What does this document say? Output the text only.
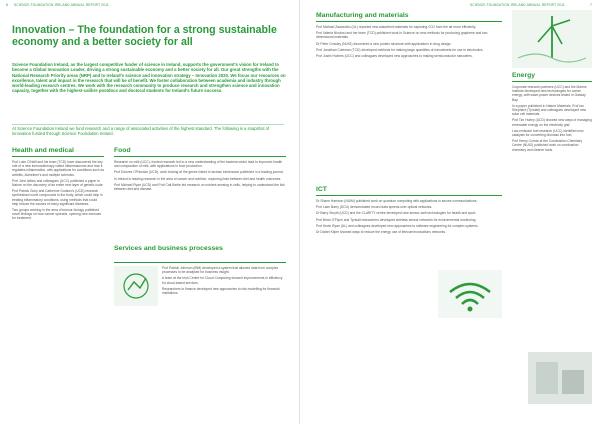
6 SCIENCE FOUNDATION IRELAND ANNUAL REPORT 2011
Innovation – The foundation for a strong sustainable economy and a better society for all
Science Foundation Ireland, as the largest competitive funder of science in Ireland, supports the government's vision for Ireland to become a Global Innovation Leader, driving a strong sustainable economy and a better society for all. Our great strengths with the National Research Priority areas (NRP) and to Ireland's science and innovation strategy – Innovation 2020. We focus our resources on excellence, talent and impact in the research that will be of benefit. We foster collaboration between academia and industry through world-leading research centres. We work with the research community to produce research and strengthen science and innovation capacity, together with the highest-calibre postdocs and doctoral students for Ireland's future success.
At Science Foundation Ireland we fund research and a range of associated activities of the highest standard. The following is a snapshot of innovation funded through Science Foundation Ireland.
Health and medical

Prof Luke O'Neill and his team (TCD) have discovered the key role of a new immunotherapy called inflammasome and how it regulates inflammation, with applications for conditions such as arthritis, Alzheimer's and multiple sclerosis.

Prof John Atkins and colleagues (UCC) published a paper in Nature on the discovery of an entire new layer of genetic code.

Prof Patrick Guiry and Catherine Godson's (UCD) research synthesised novel compounds in the body, which could help in treating inflammatory conditions, using methods that could help reduce the causes of many significant diseases.

Two groups working in the area of tumour biology published novel findings on how cancer spreads, opening new avenues for treatment.

Food

Research on milk (UCC): funded research led to a new understanding of the bacteria which lead to improved health and composition of milk, with applications in food production.

Prof Dolores O'Riordan (UCD): work looking at the genes linked to lactose intolerance published in a leading journal.

In Ireland is leading research in the area of cancer and nutrition, exploring links between diet and health outcomes.

Prof Michael Ryan (UCD) and Prof Cait Bertie led research on nutrient-sensing in cells, helping to understand the link between diet and disease.

Services and business processes

Prof Patrick Johnson (IBM) developed a system that allowed data from complex processes to be analysed for business insight.

A team at the Irish Centre for Cloud Computing showed improvements in efficiency for cloud-based services.

Researchers in finance developed new approaches to risk modelling for financial institutions.

SCIENCE FOUNDATION IRELAND ANNUAL REPORT 2011	7
Manufacturing and materials

Prof Michael Zaworotko (UL) reported new adsorbent materials for capturing CO2 from the air more efficiently.

Prof Valeria Nicolosi and her team (TCD) published work in Science on new methods for producing graphene and two-dimensional materials.

Dr Peter Crowley (NUIG) discovered a new protein structure with applications in drug design.

Prof Jonathan Coleman (TCD) developed methods for making large quantities of nanosheets for use in electronics.

Prof Justin Holmes (UCC) and colleagues developed new approaches to making semiconductor nanowires.

ICT

Dr Shane Harrison (NUIM) published work on quantum computing with applications in secure communications.

Prof Liam Barry (DCU) demonstrated record data speeds over optical networks.

Dr Barry Smyth (UCD) and the CLARITY centre developed new sensor-web technologies for health and sport.

Prof Brian O'Flynn and Tyndall researchers developed wireless sensor networks for environmental monitoring.

Prof Kevin Ryan (UL) and colleagues developed new approaches to software engineering for complex systems.

Dr Daniel Kilper showed ways to reduce the energy use of telecommunications networks.

Energy

Corporate research partners (UCC) and the Marine Institute developed new technologies for ocean energy, with wave-power devices tested in Galway Bay.

In a paper published in Nature Materials, Prof Ian Shepherd (Tyndall) and colleagues developed new solar cell materials.

Prof Tim Hurley (UCD) showed new ways of managing renewable energy on the electricity grid.

Low-emission fuel research (UCC) identified new catalysts for converting biomass into fuel.

Prof Henry Curran at the Combustion Chemistry Centre (NUIG) published work on combustion chemistry and cleaner fuels.
